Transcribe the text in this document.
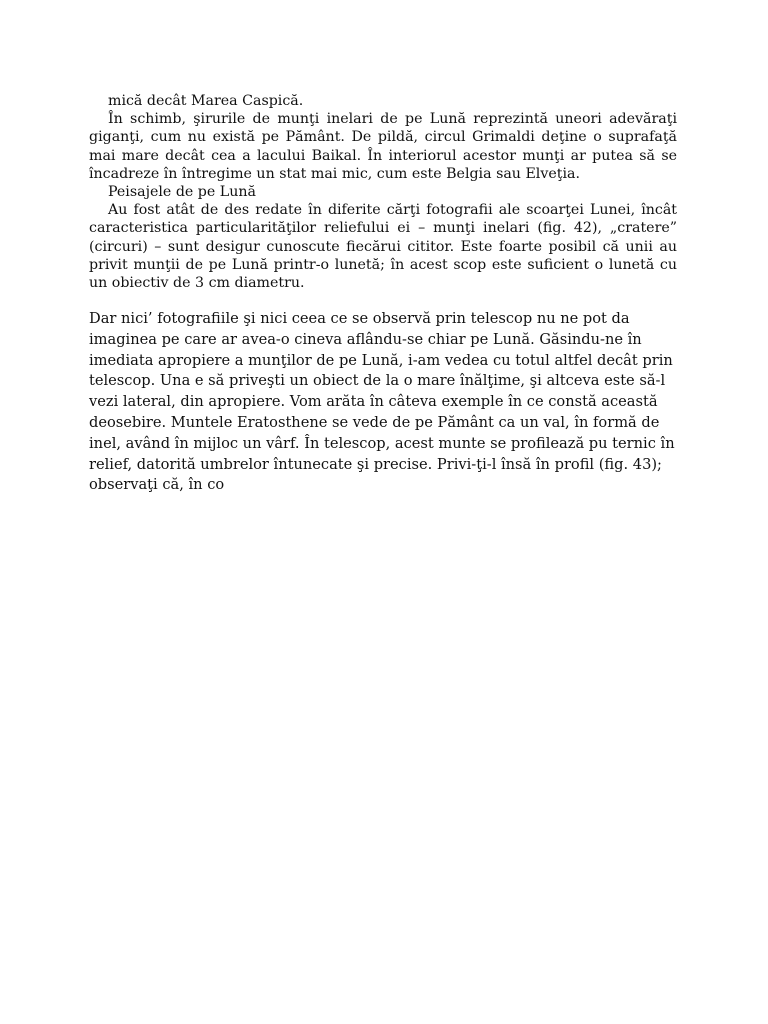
mică decât Marea Caspică.

În schimb, şirurile de munţi inelari de pe Lună reprezintă uneori adevăraţi giganţi, cum nu există pe Pământ. De pildă, circul Grimaldi deţine o suprafaţă mai mare decât cea a lacului Baikal. În interiorul acestor munţi ar putea să se încadreze în întregime un stat mai mic, cum este Belgia sau Elveţia.

Peisajele de pe Lună

Au fost atât de des redate în diferite cărţi fotografii ale scoarţei Lunei, încât caracteristica particularităţilor reliefului ei – munţi inelari (fig. 42), „cratere” (circuri) – sunt desigur cunoscute fiecărui cititor. Este foarte posibil că unii au privit munţii de pe Lună printr-o lunetă; în acest scop este suficient o lunetă cu un obiectiv de 3 cm diametru.

Dar nici’ fotografiile şi nici ceea ce se observă prin telescop nu ne pot da imaginea pe care ar avea-o cineva aflându-se chiar pe Lună. Găsindu-ne în imediata apropiere a munţilor de pe Lună, i-am vedea cu totul altfel decât prin telescop. Una e să priveşti un obiect de la o mare înălţime, şi altceva este să-l vezi lateral, din apropiere. Vom arăta în câteva exemple în ce constă această deosebire. Muntele Eratosthene se vede de pe Pământ ca un val, în formă de inel, având în mijloc un vârf. În telescop, acest munte se profilează pu ternic în relief, datorită umbrelor întunecate şi precise. Privi-ţi-l însă în profil (fig. 43); observaţi că, în co
